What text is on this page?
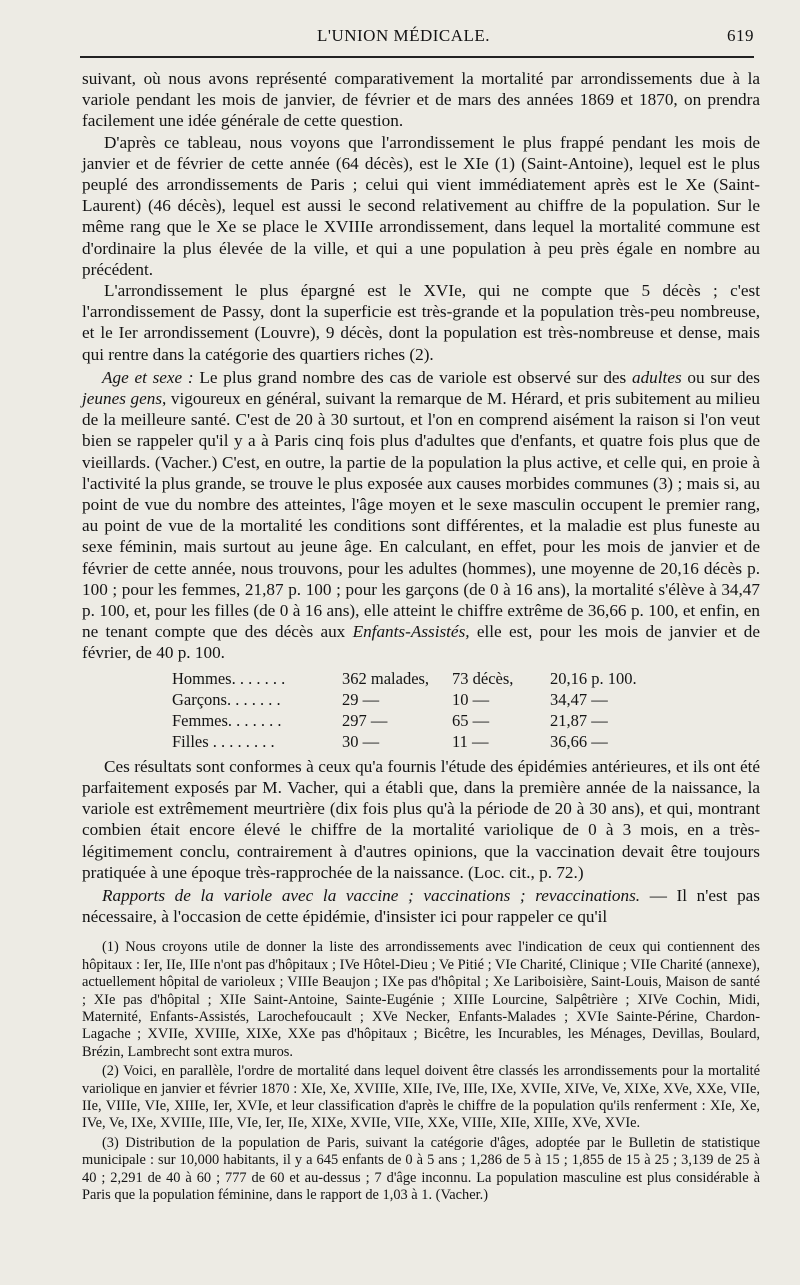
L'UNION MÉDICALE.	619

suivant, où nous avons représenté comparativement la mortalité par arrondissements due à la variole pendant les mois de janvier, de février et de mars des années 1869 et 1870, on prendra facilement une idée générale de cette question.

D'après ce tableau, nous voyons que l'arrondissement le plus frappé pendant les mois de janvier et de février de cette année (64 décès), est le XIe (1) (Saint-Antoine), lequel est le plus peuplé des arrondissements de Paris ; celui qui vient immédiatement après est le Xe (Saint-Laurent) (46 décès), lequel est aussi le second relativement au chiffre de la population. Sur le même rang que le Xe se place le XVIIIe arrondissement, dans lequel la mortalité commune est d'ordinaire la plus élevée de la ville, et qui a une population à peu près égale en nombre au précédent.

L'arrondissement le plus épargné est le XVIe, qui ne compte que 5 décès ; c'est l'arrondissement de Passy, dont la superficie est très-grande et la population très-peu nombreuse, et le Ier arrondissement (Louvre), 9 décès, dont la population est très-nombreuse et dense, mais qui rentre dans la catégorie des quartiers riches (2).

Age et sexe : Le plus grand nombre des cas de variole est observé sur des adultes ou sur des jeunes gens, vigoureux en général, suivant la remarque de M. Hérard, et pris subitement au milieu de la meilleure santé. C'est de 20 à 30 surtout, et l'on en comprend aisément la raison si l'on veut bien se rappeler qu'il y a à Paris cinq fois plus d'adultes que d'enfants, et quatre fois plus que de vieillards. (Vacher.) C'est, en outre, la partie de la population la plus active, et celle qui, en proie à l'activité la plus grande, se trouve le plus exposée aux causes morbides communes (3) ; mais si, au point de vue du nombre des atteintes, l'âge moyen et le sexe masculin occupent le premier rang, au point de vue de la mortalité les conditions sont différentes, et la maladie est plus funeste au sexe féminin, mais surtout au jeune âge. En calculant, en effet, pour les mois de janvier et de février de cette année, nous trouvons, pour les adultes (hommes), une moyenne de 20,16 décès p. 100 ; pour les femmes, 21,87 p. 100 ; pour les garçons (de 0 à 16 ans), la mortalité s'élève à 34,47 p. 100, et, pour les filles (de 0 à 16 ans), elle atteint le chiffre extrême de 36,66 p. 100, et enfin, en ne tenant compte que des décès aux Enfants-Assistés, elle est, pour les mois de janvier et de février, de 40 p. 100.

Hommes. . . . . . .	362 malades,	73 décès,	20,16 p. 100.
Garçons. . . . . . .	29 —	10 —	34,47 —
Femmes. . . . . . .	297 —	65 —	21,87 —
Filles . . . . . . . .	30 —	11 —	36,66 —

Ces résultats sont conformes à ceux qu'a fournis l'étude des épidémies antérieures, et ils ont été parfaitement exposés par M. Vacher, qui a établi que, dans la première année de la naissance, la variole est extrêmement meurtrière (dix fois plus qu'à la période de 20 à 30 ans), et qui, montrant combien était encore élevé le chiffre de la mortalité variolique de 0 à 3 mois, en a très-légitimement conclu, contrairement à d'autres opinions, que la vaccination devait être toujours pratiquée à une époque très-rapprochée de la naissance. (Loc. cit., p. 72.)

Rapports de la variole avec la vaccine ; vaccinations ; revaccinations. — Il n'est pas nécessaire, à l'occasion de cette épidémie, d'insister ici pour rappeler ce qu'il

(1) Nous croyons utile de donner la liste des arrondissements avec l'indication de ceux qui contiennent des hôpitaux : Ier, IIe, IIIe n'ont pas d'hôpitaux ; IVe Hôtel-Dieu ; Ve Pitié ; VIe Charité, Clinique ; VIIe Charité (annexe), actuellement hôpital de varioleux ; VIIIe Beaujon ; IXe pas d'hôpital ; Xe Lariboisière, Saint-Louis, Maison de santé ; XIe pas d'hôpital ; XIIe Saint-Antoine, Sainte-Eugénie ; XIIIe Lourcine, Salpêtrière ; XIVe Cochin, Midi, Maternité, Enfants-Assistés, Larochefoucault ; XVe Necker, Enfants-Malades ; XVIe Sainte-Périne, Chardon-Lagache ; XVIIe, XVIIIe, XIXe, XXe pas d'hôpitaux ; Bicêtre, les Incurables, les Ménages, Devillas, Boulard, Brézin, Lambrecht sont extra muros.

(2) Voici, en parallèle, l'ordre de mortalité dans lequel doivent être classés les arrondissements pour la mortalité variolique en janvier et février 1870 : XIe, Xe, XVIIIe, XIIe, IVe, IIIe, IXe, XVIIe, XIVe, Ve, XIXe, XVe, XXe, VIIe, IIe, VIIIe, VIe, XIIIe, Ier, XVIe, et leur classification d'après le chiffre de la population qu'ils renferment : XIe, Xe, IVe, Ve, IXe, XVIIIe, IIIe, VIe, Ier, IIe, XIXe, XVIIe, VIIe, XXe, VIIIe, XIIe, XIIIe, XVe, XVIe.

(3) Distribution de la population de Paris, suivant la catégorie d'âges, adoptée par le Bulletin de statistique municipale : sur 10,000 habitants, il y a 645 enfants de 0 à 5 ans ; 1,286 de 5 à 15 ; 1,855 de 15 à 25 ; 3,139 de 25 à 40 ; 2,291 de 40 à 60 ; 777 de 60 et au-dessus ; 7 d'âge inconnu. La population masculine est plus considérable à Paris que la population féminine, dans le rapport de 1,03 à 1. (Vacher.)
